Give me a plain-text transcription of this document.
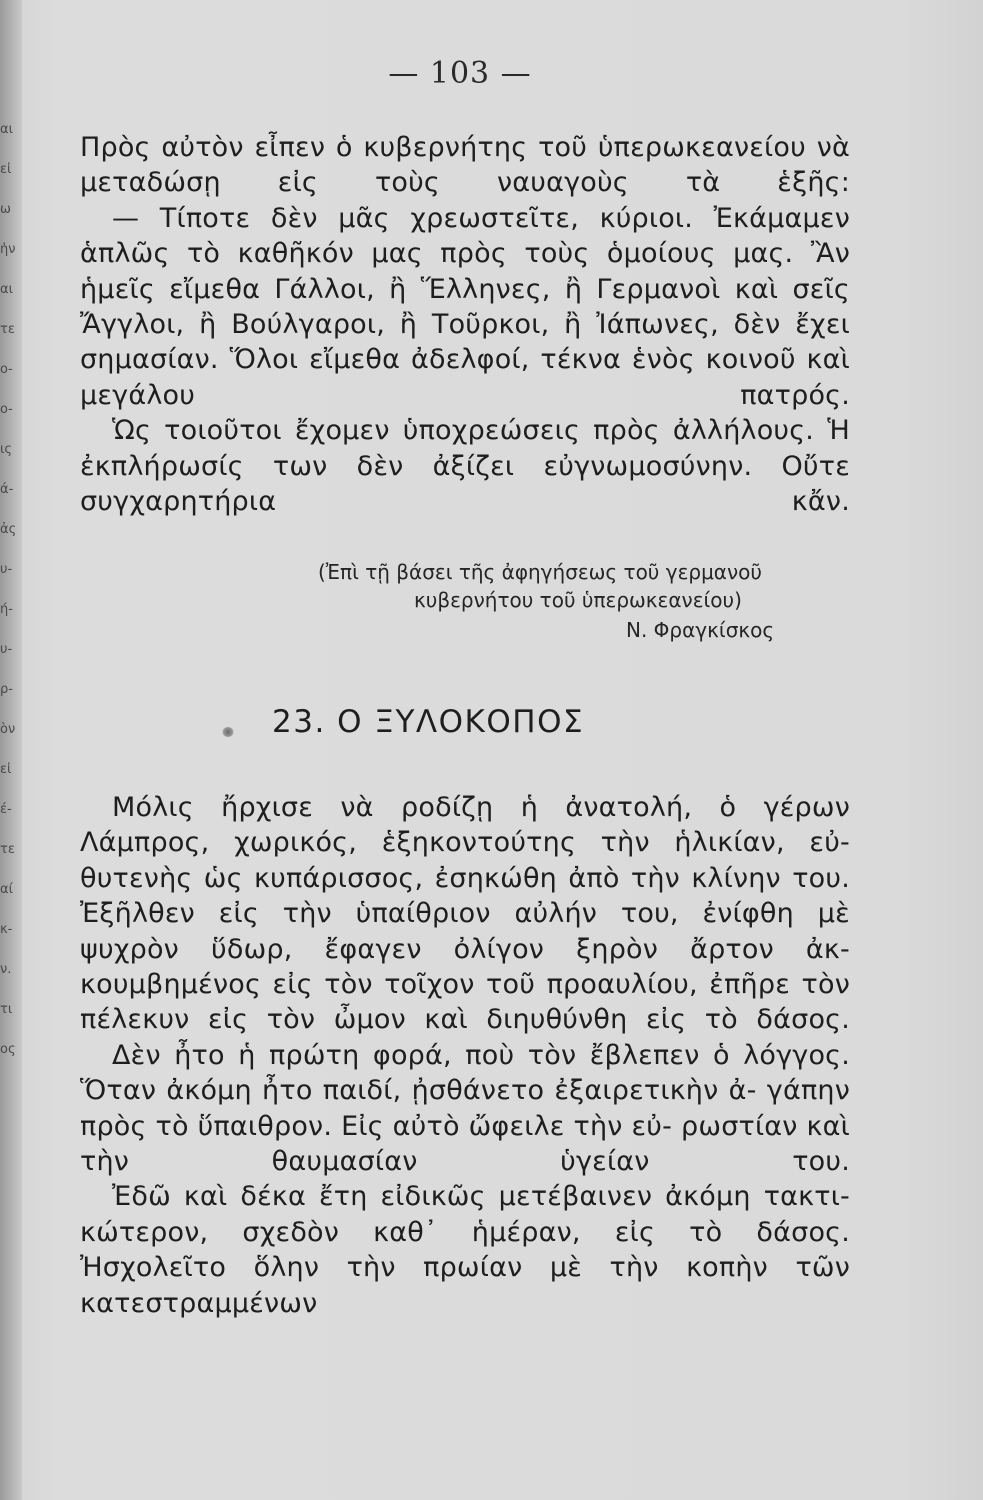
αι
εἰ
ω
ἡν
αι
τε
ο-
ο-
ις
ά-
ἀς
υ-
ή-
υ-
ρ-
ὸν
εἰ
έ-
τε
αί
κ-
ν.
τι
ος
— 103 —

Πρὸς αὐτὸν εἶπεν ὁ κυβερνήτης τοῦ ὑπερωκεανείου νὰ μεταδώσῃ εἰς τοὺς ναυαγοὺς τὰ ἑξῆς:

— Τίποτε δὲν μᾶς χρεωστεῖτε, κύριοι. Ἐκάμαμεν ἁπλῶς τὸ καθῆκόν μας πρὸς τοὺς ὁμοίους μας. Ἂν ἡμεῖς εἴμεθα Γάλλοι, ἢ Ἕλληνες, ἢ Γερμανοὶ καὶ σεῖς Ἄγγλοι, ἢ Βούλγαροι, ἢ Τοῦρκοι, ἢ Ἰάπωνες, δὲν ἔχει σημασίαν. Ὅλοι εἴμεθα ἀδελφοί, τέκνα ἑνὸς κοινοῦ καὶ μεγάλου πατρός.

Ὡς τοιοῦτοι ἔχομεν ὑποχρεώσεις πρὸς ἀλλήλους. Ἡ ἐκπλήρωσίς των δὲν ἀξίζει εὐγνωμοσύνην. Οὔτε συγχαρητήρια κἄν.

(Ἐπὶ τῇ βάσει τῆς ἀφηγήσεως τοῦ γερμανοῦ
κυβερνήτου τοῦ ὑπερωκεανείου)
Ν. Φραγκίσκος
23. Ο ΞΥΛΟΚΟΠΟΣ

Μόλις ἤρχισε νὰ ροδίζῃ ἡ ἀνατολή, ὁ γέρων Λάμπρος, χωρικός, ἑξηκοντούτης τὴν ἡλικίαν, εὐ- θυτενὴς ὡς κυπάρισσος, ἐσηκώθη ἀπὸ τὴν κλίνην του. Ἐξῆλθεν εἰς τὴν ὑπαίθριον αὐλήν του, ἐνίφθη μὲ ψυχρὸν ὕδωρ, ἔφαγεν ὀλίγον ξηρὸν ἄρτον ἀκ- κουμβημένος εἰς τὸν τοῖχον τοῦ προαυλίου, ἐπῆρε τὸν πέλεκυν εἰς τὸν ὦμον καὶ διηυθύνθη εἰς τὸ δάσος.

Δὲν ἦτο ἡ πρώτη φορά, ποὺ τὸν ἔβλεπεν ὁ λόγγος. Ὅταν ἀκόμη ἦτο παιδί, ᾐσθάνετο ἐξαιρετικὴν ἀ- γάπην πρὸς τὸ ὕπαιθρον. Εἰς αὐτὸ ὤφειλε τὴν εὐ- ρωστίαν καὶ τὴν θαυμασίαν ὑγείαν του.

Ἐδῶ καὶ δέκα ἔτη εἰδικῶς μετέβαινεν ἀκόμη τακτι- κώτερον, σχεδὸν καθ᾿ ἡμέραν, εἰς τὸ δάσος. Ἠσχολεῖτο ὅλην τὴν πρωίαν μὲ τὴν κοπὴν τῶν κατεστραμμένων
